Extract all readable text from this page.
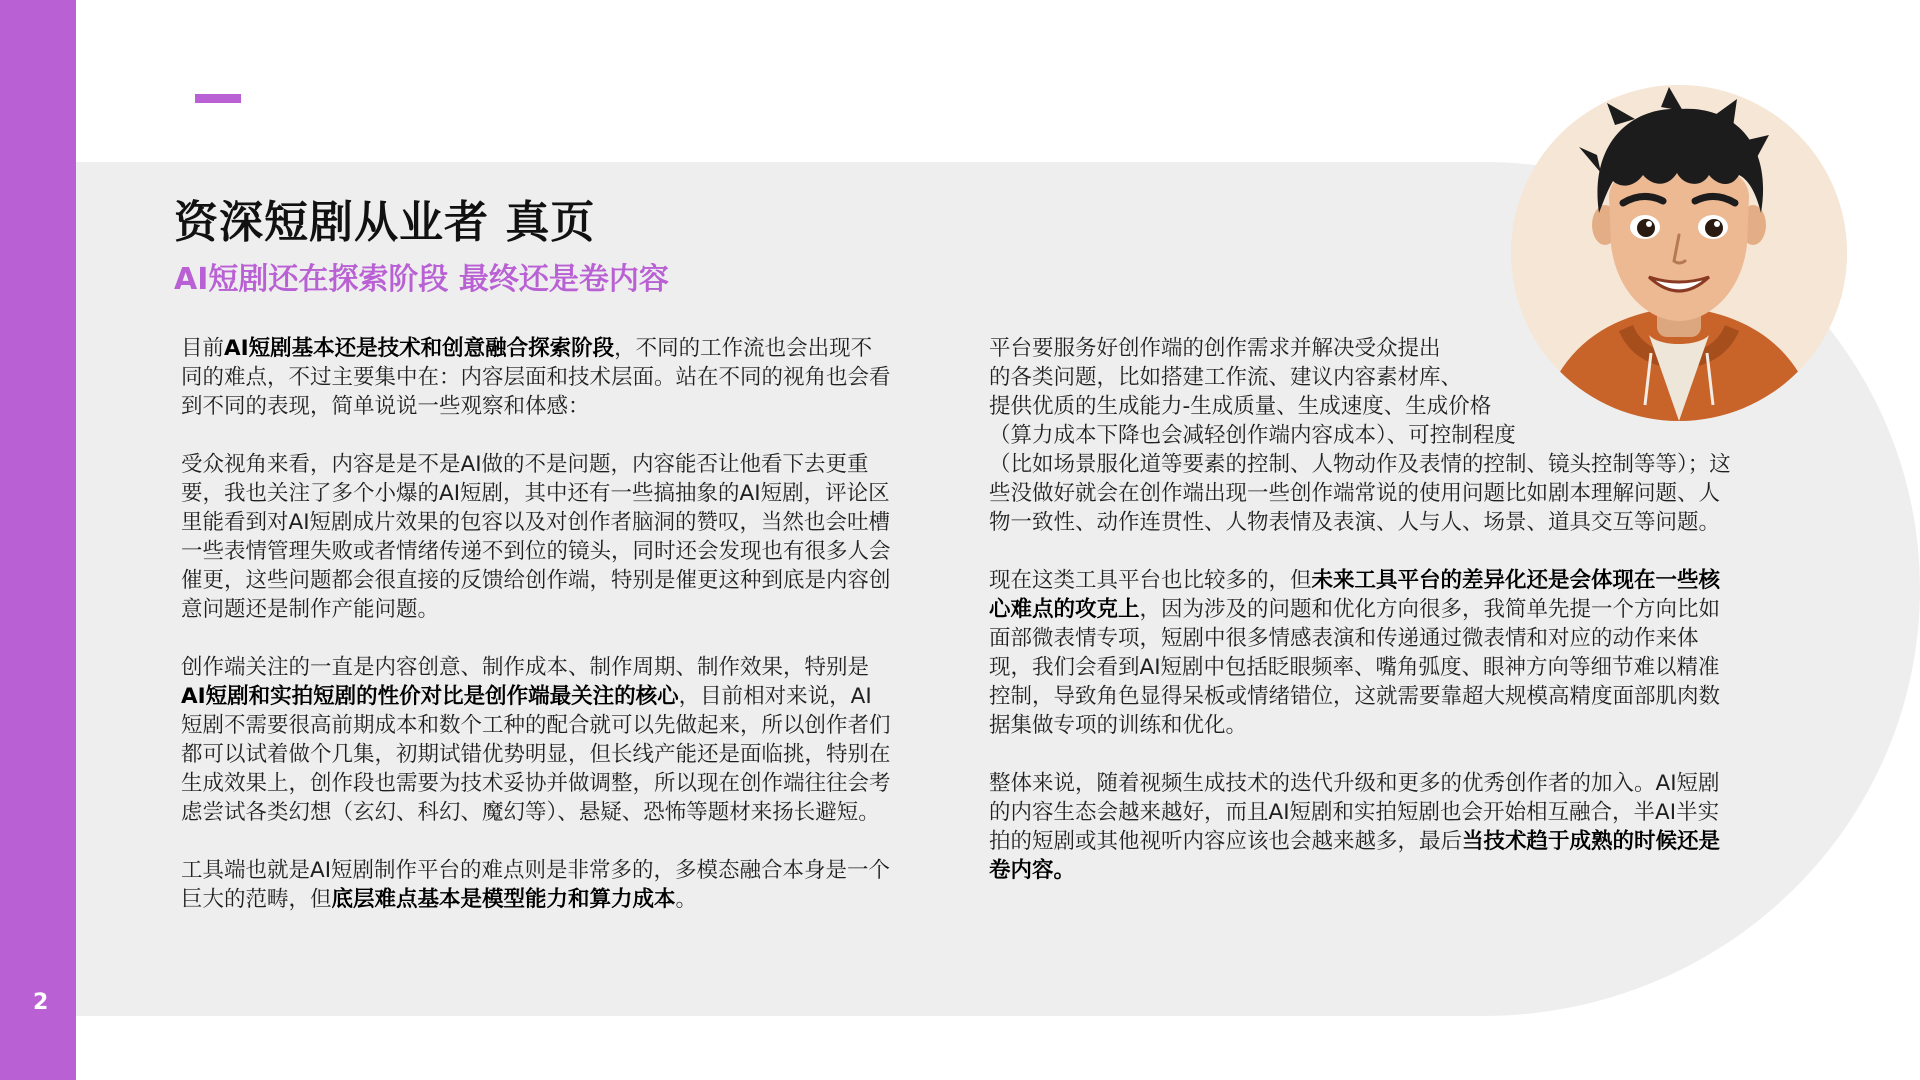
2
资深短剧从业者 真页
AI短剧还在探索阶段 最终还是卷内容

目前AI短剧基本还是技术和创意融合探索阶段，不同的工作流也会出现不同的难点，不过主要集中在：内容层面和技术层面。站在不同的视角也会看到不同的表现，简单说说一些观察和体感：

受众视角来看，内容是是不是AI做的不是问题，内容能否让他看下去更重要，我也关注了多个小爆的AI短剧，其中还有一些搞抽象的AI短剧，评论区里能看到对AI短剧成片效果的包容以及对创作者脑洞的赞叹，当然也会吐槽一些表情管理失败或者情绪传递不到位的镜头，同时还会发现也有很多人会催更，这些问题都会很直接的反馈给创作端，特别是催更这种到底是内容创意问题还是制作产能问题。

创作端关注的一直是内容创意、制作成本、制作周期、制作效果，特别是AI短剧和实拍短剧的性价对比是创作端最关注的核心，目前相对来说，AI短剧不需要很高前期成本和数个工种的配合就可以先做起来，所以创作者们都可以试着做个几集，初期试错优势明显，但长线产能还是面临挑，特别在生成效果上，创作段也需要为技术妥协并做调整，所以现在创作端往往会考虑尝试各类幻想（玄幻、科幻、魔幻等）、悬疑、恐怖等题材来扬长避短。

工具端也就是AI短剧制作平台的难点则是非常多的，多模态融合本身是一个巨大的范畴，但底层难点基本是模型能力和算力成本。

平台要服务好创作端的创作需求并解决受众提出
的各类问题，比如搭建工作流、建议内容素材库、
提供优质的生成能力-生成质量、生成速度、生成价格
（算力成本下降也会减轻创作端内容成本）、可控制程度
（比如场景服化道等要素的控制、人物动作及表情的控制、镜头控制等等）；这些没做好就会在创作端出现一些创作端常说的使用问题比如剧本理解问题、人物一致性、动作连贯性、人物表情及表演、人与人、场景、道具交互等问题。

现在这类工具平台也比较多的，但未来工具平台的差异化还是会体现在一些核心难点的攻克上，因为涉及的问题和优化方向很多，我简单先提一个方向比如面部微表情专项，短剧中很多情感表演和传递通过微表情和对应的动作来体现，我们会看到AI短剧中包括眨眼频率、嘴角弧度、眼神方向等细节难以精准控制，导致角色显得呆板或情绪错位，这就需要靠超大规模高精度面部肌肉数据集做专项的训练和优化。

整体来说，随着视频生成技术的迭代升级和更多的优秀创作者的加入。AI短剧的内容生态会越来越好，而且AI短剧和实拍短剧也会开始相互融合，半AI半实拍的短剧或其他视听内容应该也会越来越多，最后当技术趋于成熟的时候还是卷内容。
